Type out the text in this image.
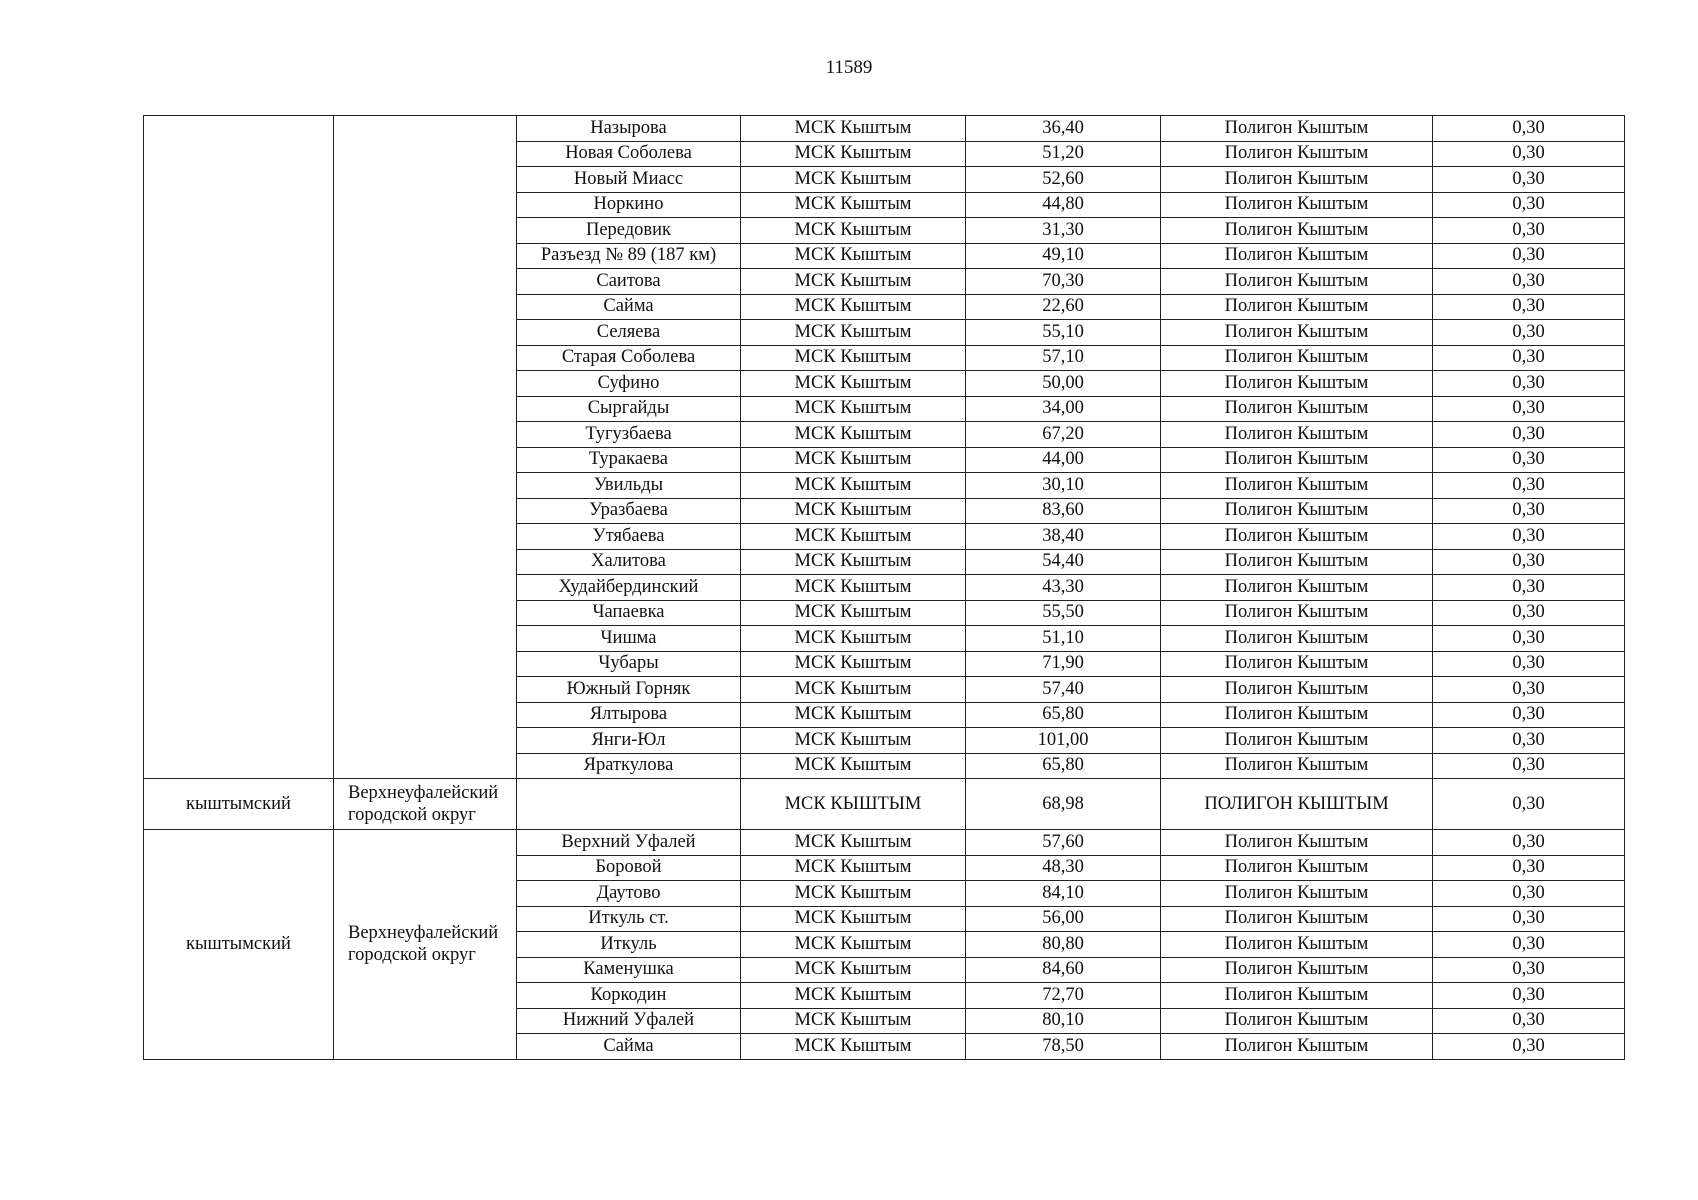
11589
		Назырова	МСК Кыштым	36,40	Полигон Кыштым	0,30
		Новая Соболева	МСК Кыштым	51,20	Полигон Кыштым	0,30
		Новый Миасс	МСК Кыштым	52,60	Полигон Кыштым	0,30
		Норкино	МСК Кыштым	44,80	Полигон Кыштым	0,30
		Передовик	МСК Кыштым	31,30	Полигон Кыштым	0,30
		Разъезд № 89 (187 км)	МСК Кыштым	49,10	Полигон Кыштым	0,30
		Саитова	МСК Кыштым	70,30	Полигон Кыштым	0,30
		Сайма	МСК Кыштым	22,60	Полигон Кыштым	0,30
		Селяева	МСК Кыштым	55,10	Полигон Кыштым	0,30
		Старая Соболева	МСК Кыштым	57,10	Полигон Кыштым	0,30
		Суфино	МСК Кыштым	50,00	Полигон Кыштым	0,30
		Сыргайды	МСК Кыштым	34,00	Полигон Кыштым	0,30
		Тугузбаева	МСК Кыштым	67,20	Полигон Кыштым	0,30
		Туракаева	МСК Кыштым	44,00	Полигон Кыштым	0,30
		Увильды	МСК Кыштым	30,10	Полигон Кыштым	0,30
		Уразбаева	МСК Кыштым	83,60	Полигон Кыштым	0,30
		Утябаева	МСК Кыштым	38,40	Полигон Кыштым	0,30
		Халитова	МСК Кыштым	54,40	Полигон Кыштым	0,30
		Худайбердинский	МСК Кыштым	43,30	Полигон Кыштым	0,30
		Чапаевка	МСК Кыштым	55,50	Полигон Кыштым	0,30
		Чишма	МСК Кыштым	51,10	Полигон Кыштым	0,30
		Чубары	МСК Кыштым	71,90	Полигон Кыштым	0,30
		Южный Горняк	МСК Кыштым	57,40	Полигон Кыштым	0,30
		Ялтырова	МСК Кыштым	65,80	Полигон Кыштым	0,30
		Янги-Юл	МСК Кыштым	101,00	Полигон Кыштым	0,30
		Яраткулова	МСК Кыштым	65,80	Полигон Кыштым	0,30
кыштымский	Верхнеуфалейский городской округ		МСК КЫШТЫМ	68,98	ПОЛИГОН КЫШТЫМ	0,30
кыштымский	Верхнеуфалейский городской округ	Верхний Уфалей	МСК Кыштым	57,60	Полигон Кыштым	0,30
		Боровой	МСК Кыштым	48,30	Полигон Кыштым	0,30
		Даутово	МСК Кыштым	84,10	Полигон Кыштым	0,30
		Иткуль ст.	МСК Кыштым	56,00	Полигон Кыштым	0,30
		Иткуль	МСК Кыштым	80,80	Полигон Кыштым	0,30
		Каменушка	МСК Кыштым	84,60	Полигон Кыштым	0,30
		Коркодин	МСК Кыштым	72,70	Полигон Кыштым	0,30
		Нижний Уфалей	МСК Кыштым	80,10	Полигон Кыштым	0,30
		Сайма	МСК Кыштым	78,50	Полигон Кыштым	0,30
